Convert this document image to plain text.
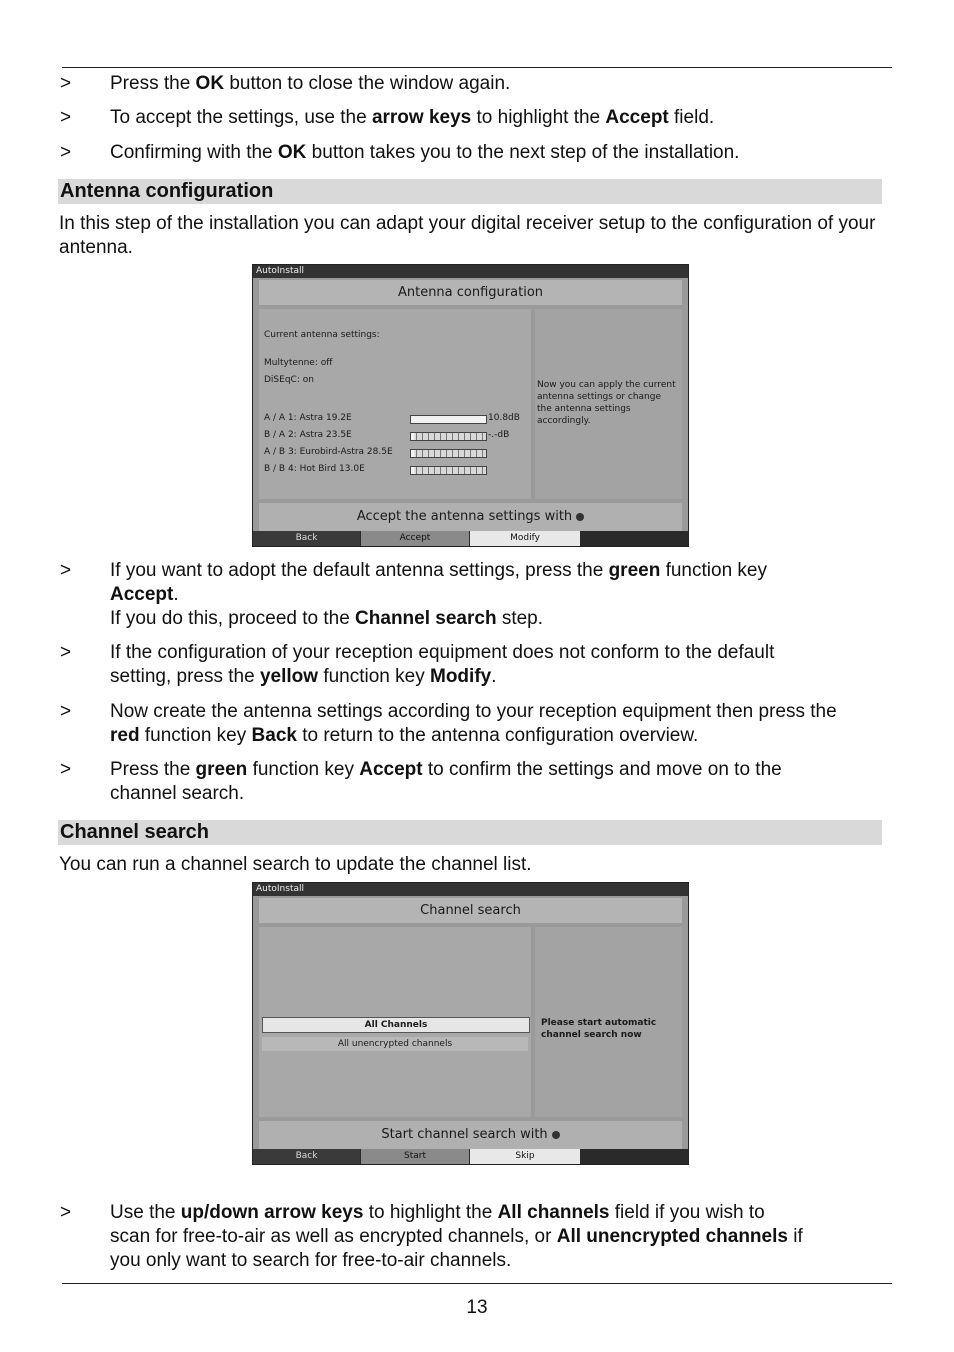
> Press the OK button to close the window again.
> To accept the settings, use the arrow keys to highlight the Accept field.
> Confirming with the OK button takes you to the next step of the installation.
Antenna configuration
In this step of the installation you can adapt your digital receiver setup to the configuration of your antenna.
AutoInstall
Antenna configuration
Current antenna settings:
Multytenne: off
DiSEqC: on
A / A 1: Astra 19.2E	10.8dB
B / A 2: Astra 23.5E	-.-dB
A / B 3: Eurobird-Astra 28.5E
B / B 4: Hot Bird 13.0E
Now you can apply the current antenna settings or change the antenna settings accordingly.
Accept the antenna settings with
Back	Accept	Modify
> If you want to adopt the default antenna settings, press the green function key
Accept.
If you do this, proceed to the Channel search step.
> If the configuration of your reception equipment does not conform to the default
setting, press the yellow function key Modify.
> Now create the antenna settings according to your reception equipment then press the
red function key Back to return to the antenna configuration overview.
> Press the green function key Accept to confirm the settings and move on to the
channel search.
Channel search
You can run a channel search to update the channel list.
AutoInstall
Channel search
All Channels
All unencrypted channels
Please start automatic channel search now
Start channel search with
Back	Start	Skip
> Use the up/down arrow keys to highlight the All channels field if you wish to
scan for free-to-air as well as encrypted channels, or All unencrypted channels if
you only want to search for free-to-air channels.
13
